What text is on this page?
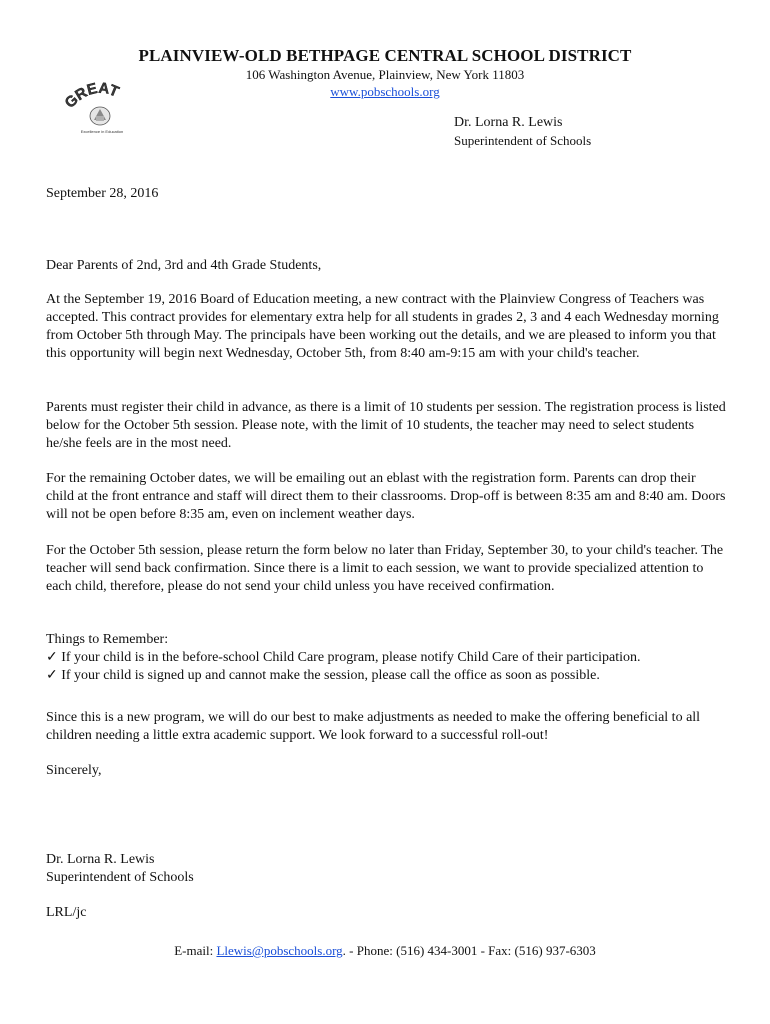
PLAINVIEW-OLD BETHPAGE CENTRAL SCHOOL DISTRICT
106 Washington Avenue, Plainview, New York 11803
www.pobschools.org
GREAT
Excellence in Education
Dr. Lorna R. Lewis
Superintendent of Schools
September 28, 2016
Dear Parents of 2nd, 3rd and 4th Grade Students,
At the September 19, 2016 Board of Education meeting, a new contract with the Plainview Congress of Teachers was accepted. This contract provides for elementary extra help for all students in grades 2, 3 and 4 each Wednesday morning from October 5th through May. The principals have been working out the details, and we are pleased to inform you that this opportunity will begin next Wednesday, October 5th, from 8:40 am-9:15 am with your child's teacher.
Parents must register their child in advance, as there is a limit of 10 students per session. The registration process is listed below for the October 5th session. Please note, with the limit of 10 students, the teacher may need to select students he/she feels are in the most need.
For the remaining October dates, we will be emailing out an eblast with the registration form. Parents can drop their child at the front entrance and staff will direct them to their classrooms. Drop-off is between 8:35 am and 8:40 am. Doors will not be open before 8:35 am, even on inclement weather days.
For the October 5th session, please return the form below no later than Friday, September 30, to your child's teacher. The teacher will send back confirmation. Since there is a limit to each session, we want to provide specialized attention to each child, therefore, please do not send your child unless you have received confirmation.
Things to Remember:
✓ If your child is in the before-school Child Care program, please notify Child Care of their participation.
✓ If your child is signed up and cannot make the session, please call the office as soon as possible.
Since this is a new program, we will do our best to make adjustments as needed to make the offering beneficial to all children needing a little extra academic support. We look forward to a successful roll-out!
Sincerely,
Dr. Lorna R. Lewis
Superintendent of Schools
LRL/jc
E-mail: Llewis@pobschools.org. - Phone: (516) 434-3001 - Fax: (516) 937-6303
